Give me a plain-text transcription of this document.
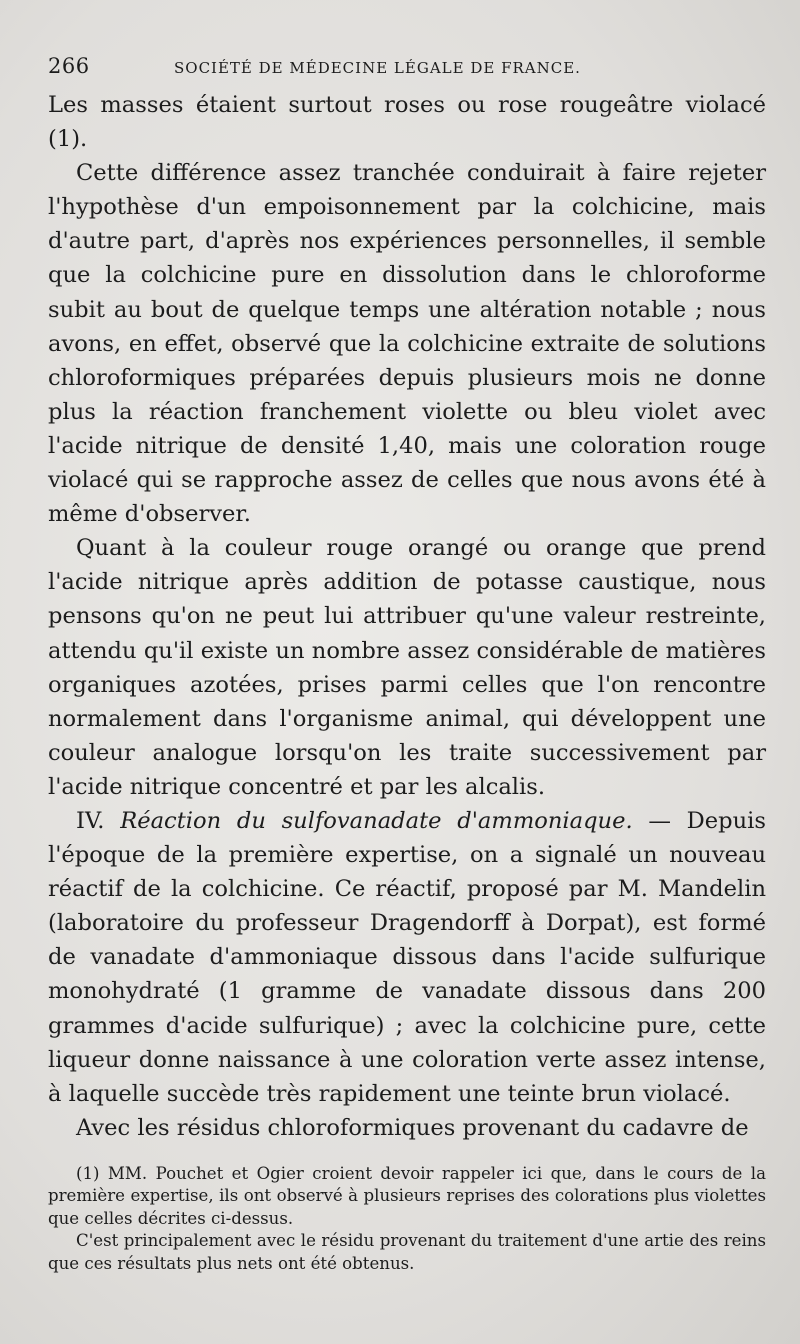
266	SOCIÉTÉ DE MÉDECINE LÉGALE DE FRANCE.

Les masses étaient surtout roses ou rose rougeâtre violacé (1).

Cette différence assez tranchée conduirait à faire rejeter l'hypothèse d'un empoisonnement par la colchicine, mais d'autre part, d'après nos expériences personnelles, il semble que la colchicine pure en dissolution dans le chloroforme subit au bout de quelque temps une altération notable ; nous avons, en effet, observé que la colchicine extraite de solutions chloroformiques préparées depuis plusieurs mois ne donne plus la réaction franchement violette ou bleu violet avec l'acide nitrique de densité 1,40, mais une coloration rouge violacé qui se rapproche assez de celles que nous avons été à même d'observer.

Quant à la couleur rouge orangé ou orange que prend l'acide nitrique après addition de potasse caustique, nous pensons qu'on ne peut lui attribuer qu'une valeur restreinte, attendu qu'il existe un nombre assez considérable de matières organiques azotées, prises parmi celles que l'on rencontre normalement dans l'organisme animal, qui développent une couleur analogue lorsqu'on les traite successivement par l'acide nitrique concentré et par les alcalis.

IV. Réaction du sulfovanadate d'ammoniaque. — Depuis l'époque de la première expertise, on a signalé un nouveau réactif de la colchicine. Ce réactif, proposé par M. Mandelin (laboratoire du professeur Dragendorff à Dorpat), est formé de vanadate d'ammoniaque dissous dans l'acide sulfurique monohydraté (1 gramme de vanadate dissous dans 200 grammes d'acide sulfurique) ; avec la colchicine pure, cette liqueur donne naissance à une coloration verte assez intense, à laquelle succède très rapidement une teinte brun violacé.

Avec les résidus chloroformiques provenant du cadavre de

(1) MM. Pouchet et Ogier croient devoir rappeler ici que, dans le cours de la première expertise, ils ont observé à plusieurs reprises des colorations plus violettes que celles décrites ci-dessus.

C'est principalement avec le résidu provenant du traitement d'une artie des reins que ces résultats plus nets ont été obtenus.
